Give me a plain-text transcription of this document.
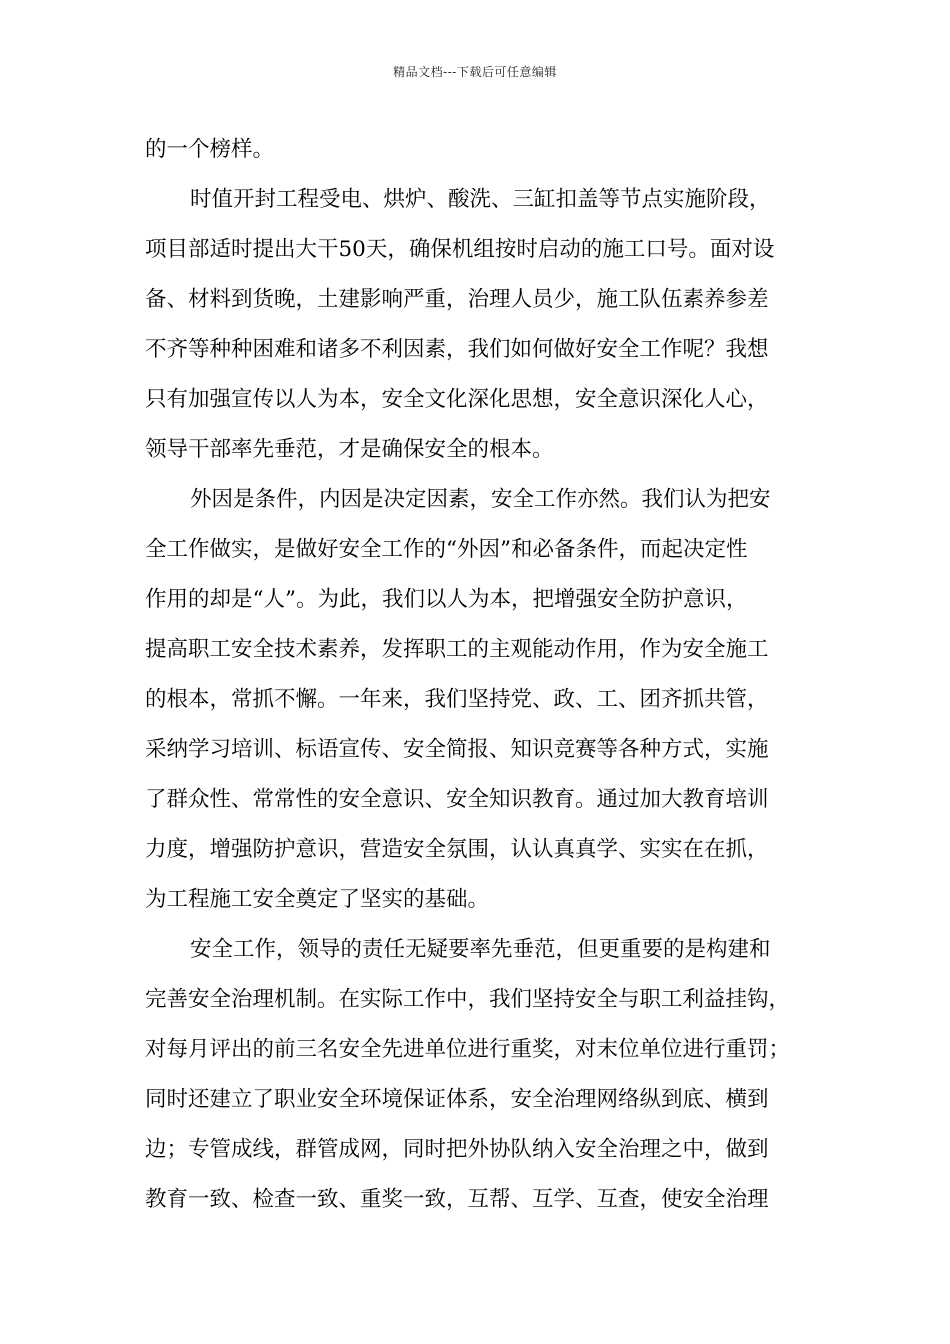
精品文档---下载后可任意编辑
的一个榜样。
时值开封工程受电、烘炉、酸洗、三缸扣盖等节点实施阶段，
项目部适时提出大干50天，确保机组按时启动的施工口号。面对设
备、材料到货晚，土建影响严重，治理人员少，施工队伍素养参差
不齐等种种困难和诸多不利因素，我们如何做好安全工作呢？我想
只有加强宣传以人为本，安全文化深化思想，安全意识深化人心，
领导干部率先垂范，才是确保安全的根本。
外因是条件，内因是决定因素，安全工作亦然。我们认为把安
全工作做实，是做好安全工作的“外因”和必备条件，而起决定性
作用的却是“人”。为此，我们以人为本，把增强安全防护意识，
提高职工安全技术素养，发挥职工的主观能动作用，作为安全施工
的根本，常抓不懈。一年来，我们坚持党、政、工、团齐抓共管，
采纳学习培训、标语宣传、安全简报、知识竞赛等各种方式，实施
了群众性、常常性的安全意识、安全知识教育。通过加大教育培训
力度，增强防护意识，营造安全氛围，认认真真学、实实在在抓，
为工程施工安全奠定了坚实的基础。
安全工作，领导的责任无疑要率先垂范，但更重要的是构建和
完善安全治理机制。在实际工作中，我们坚持安全与职工利益挂钩，
对每月评出的前三名安全先进单位进行重奖，对末位单位进行重罚；
同时还建立了职业安全环境保证体系，安全治理网络纵到底、横到
边；专管成线，群管成网，同时把外协队纳入安全治理之中，做到
教育一致、检查一致、重奖一致，互帮、互学、互查，使安全治理
